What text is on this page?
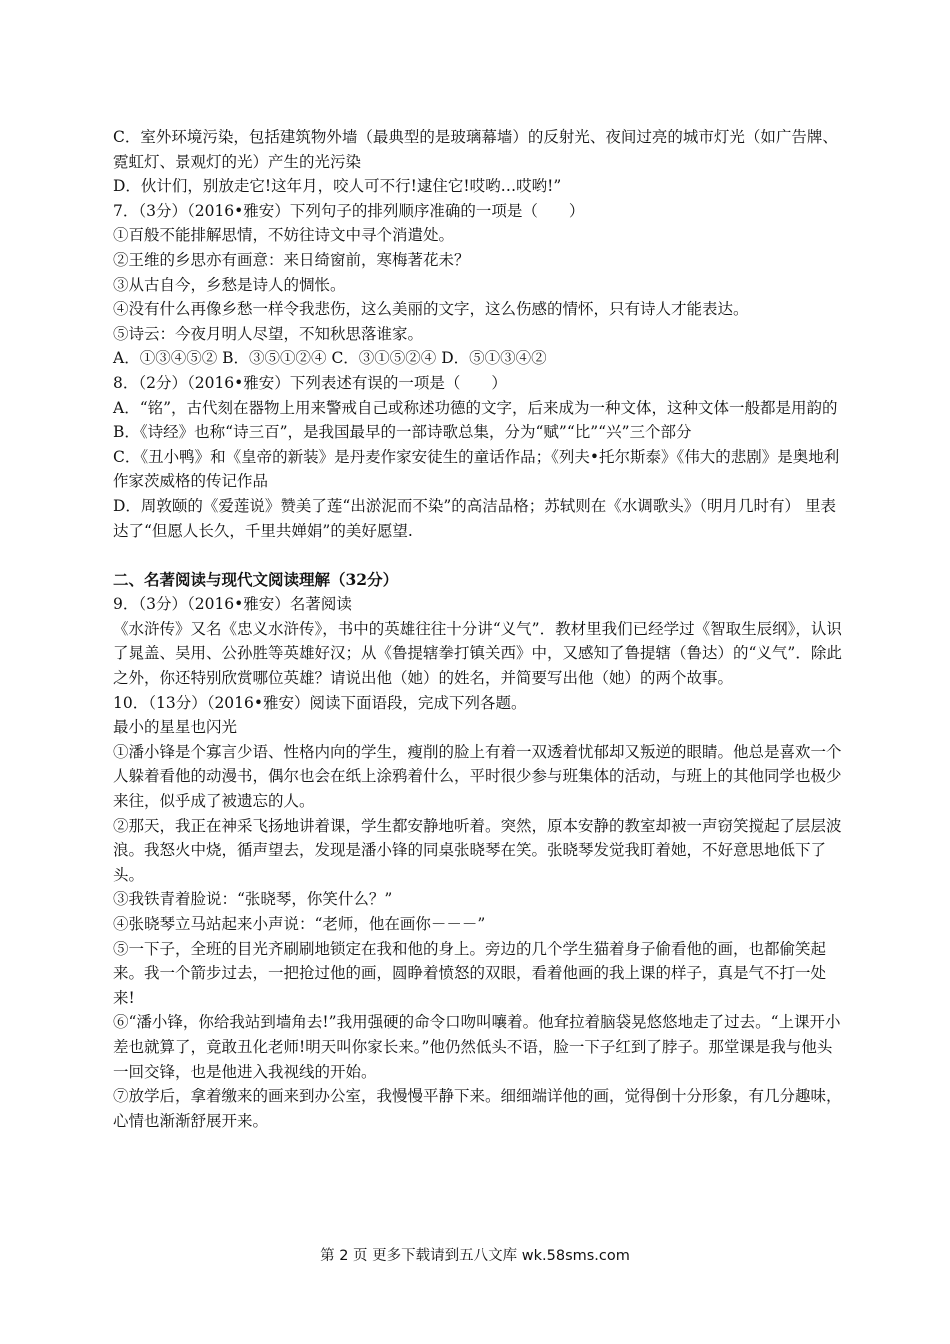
C．室外环境污染，包括建筑物外墙（最典型的是玻璃幕墙）的反射光、夜间过亮的城市灯光（如广告牌、霓虹灯、景观灯的光）产生的光污染
D．伙计们，别放走它!这年月，咬人可不行!逮住它!哎哟…哎哟!”
7．（3分）（2016•雅安）下列句子的排列顺序准确的一项是（　　）
①百般不能排解思情，不妨往诗文中寻个消遣处。
②王维的乡思亦有画意：来日绮窗前，寒梅著花未？
③从古自今，乡愁是诗人的惆怅。
④没有什么再像乡愁一样令我悲伤，这么美丽的文字，这么伤感的情怀，只有诗人才能表达。
⑤诗云：今夜月明人尽望，不知秋思落谁家。
A．①③④⑤② B．③⑤①②④ C．③①⑤②④ D．⑤①③④②
8．（2分）（2016•雅安）下列表述有误的一项是（　　）
A．“铭”，古代刻在器物上用来警戒自己或称述功德的文字，后来成为一种文体，这种文体一般都是用韵的
B．《诗经》也称“诗三百”，是我国最早的一部诗歌总集，分为“赋”“比”“兴”三个部分
C．《丑小鸭》和《皇帝的新装》是丹麦作家安徒生的童话作品；《列夫•托尔斯泰》《伟大的悲剧》是奥地利作家茨威格的传记作品
D．周敦颐的《爱莲说》赞美了莲“出淤泥而不染”的高洁品格；苏轼则在《水调歌头》（明月几时有） 里表达了“但愿人长久，千里共婵娟”的美好愿望.
二、名著阅读与现代文阅读理解（32分）
9．（3分）（2016•雅安）名著阅读
《水浒传》又名《忠义水浒传》，书中的英雄往往十分讲“义气”．教材里我们已经学过《智取生辰纲》，认识了晁盖、吴用、公孙胜等英雄好汉；从《鲁提辖拳打镇关西》中，又感知了鲁提辖（鲁达）的“义气”．除此之外，你还特别欣赏哪位英雄？请说出他（她）的姓名，并简要写出他（她）的两个故事。
10．（13分）（2016•雅安）阅读下面语段，完成下列各题。
最小的星星也闪光
①潘小锋是个寡言少语、性格内向的学生，瘦削的脸上有着一双透着忧郁却又叛逆的眼睛。他总是喜欢一个人躲着看他的动漫书，偶尔也会在纸上涂鸦着什么，平时很少参与班集体的活动，与班上的其他同学也极少来往，似乎成了被遗忘的人。
②那天，我正在神采飞扬地讲着课，学生都安静地听着。突然，原本安静的教室却被一声窃笑搅起了层层波浪。我怒火中烧，循声望去，发现是潘小锋的同桌张晓琴在笑。张晓琴发觉我盯着她，不好意思地低下了头。
③我铁青着脸说：“张晓琴，你笑什么？”
④张晓琴立马站起来小声说：“老师，他在画你－－－”
⑤一下子，全班的目光齐刷刷地锁定在我和他的身上。旁边的几个学生猫着身子偷看他的画，也都偷笑起来。我一个箭步过去，一把抢过他的画，圆睁着愤怒的双眼，看着他画的我上课的样子，真是气不打一处来!
⑥“潘小锋，你给我站到墙角去!”我用强硬的命令口吻叫嚷着。他耷拉着脑袋晃悠悠地走了过去。“上课开小差也就算了，竟敢丑化老师!明天叫你家长来。”他仍然低头不语，脸一下子红到了脖子。那堂课是我与他头一回交锋，也是他进入我视线的开始。
⑦放学后，拿着缴来的画来到办公室，我慢慢平静下来。细细端详他的画，觉得倒十分形象，有几分趣味，心情也渐渐舒展开来。
第 2 页 更多下载请到五八文库 wk.58sms.com
